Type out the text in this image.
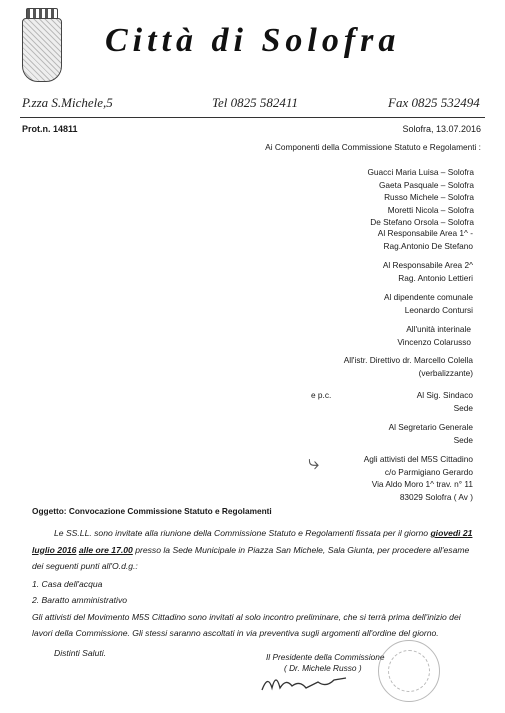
Città di Solofra
P.zza S.Michele,5	Tel 0825 582411	Fax 0825 532494
Prot.n. 14811	Solofra, 13.07.2016
Ai Componenti della Commissione Statuto e Regolamenti :
Guacci Maria Luisa – Solofra
Gaeta Pasquale – Solofra
Russo Michele – Solofra
Moretti Nicola – Solofra
De Stefano Orsola – Solofra
Al Responsabile Area 1^ -
Rag.Antonio De Stefano
Al Responsabile Area 2^
Rag. Antonio Lettieri
Al dipendente comunale
Leonardo Contursi
All'unità interinale
Vincenzo Colarusso
All'istr. Direttivo dr. Marcello Colella
(verbalizzante)
e p.c.	Al Sig. Sindaco
Sede
Al Segretario Generale
Sede
⤷	Agli attivisti del M5S Cittadino
c/o Parmigiano Gerardo
Via Aldo Moro 1^ trav. n° 11
83029 Solofra ( Av )
Oggetto: Convocazione Commissione Statuto e Regolamenti
Le SS.LL. sono invitate alla riunione della Commissione Statuto e Regolamenti fissata per il giorno giovedì 21 luglio 2016 alle ore 17.00 presso la Sede Municipale in Piazza San Michele, Sala Giunta, per procedere all'esame dei seguenti punti all'O.d.g.:
1. Casa dell'acqua
2. Baratto amministrativo
Gli attivisti del Movimento M5S Cittadino sono invitati al solo incontro preliminare, che si terrà prima dell'inizio dei lavori della Commissione. Gli stessi saranno ascoltati in via preventiva sugli argomenti all'ordine del giorno.
Distinti Saluti.	Il Presidente della Commissione
( Dr. Michele Russo )
